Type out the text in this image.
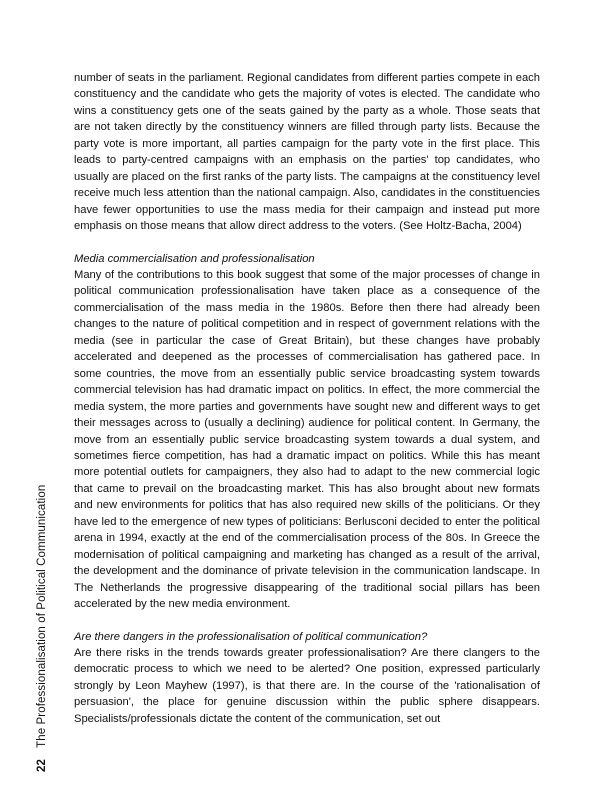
22 The Professionalisation of Political Communication

number of seats in the parliament. Regional candidates from different parties compete in each constituency and the candidate who gets the majority of votes is elected. The candidate who wins a constituency gets one of the seats gained by the party as a whole. Those seats that are not taken directly by the constituency winners are filled through party lists. Because the party vote is more important, all parties campaign for the party vote in the first place. This leads to party-centred campaigns with an emphasis on the parties' top candidates, who usually are placed on the first ranks of the party lists. The campaigns at the constituency level receive much less attention than the national campaign. Also, candidates in the constituencies have fewer opportunities to use the mass media for their campaign and instead put more emphasis on those means that allow direct address to the voters. (See Holtz-Bacha, 2004)

Media commercialisation and professionalisation

Many of the contributions to this book suggest that some of the major processes of change in political communication professionalisation have taken place as a consequence of the commercialisation of the mass media in the 1980s. Before then there had already been changes to the nature of political competition and in respect of government relations with the media (see in particular the case of Great Britain), but these changes have probably accelerated and deepened as the processes of commercialisation has gathered pace. In some countries, the move from an essentially public service broadcasting system towards commercial television has had dramatic impact on politics. In effect, the more commercial the media system, the more parties and governments have sought new and different ways to get their messages across to (usually a declining) audience for political content. In Germany, the move from an essentially public service broadcasting system towards a dual system, and sometimes fierce competition, has had a dramatic impact on politics. While this has meant more potential outlets for campaigners, they also had to adapt to the new commercial logic that came to prevail on the broadcasting market. This has also brought about new formats and new environments for politics that has also required new skills of the politicians. Or they have led to the emergence of new types of politicians: Berlusconi decided to enter the political arena in 1994, exactly at the end of the commercialisation process of the 80s. In Greece the modernisation of political campaigning and marketing has changed as a result of the arrival, the development and the dominance of private television in the communication landscape. In The Netherlands the progressive disappearing of the traditional social pillars has been accelerated by the new media environment.

Are there dangers in the professionalisation of political communication?

Are there risks in the trends towards greater professionalisation? Are there clangers to the democratic process to which we need to be alerted? One position, expressed particularly strongly by Leon Mayhew (1997), is that there are. In the course of the 'rationalisation of persuasion', the place for genuine discussion within the public sphere disappears. Specialists/professionals dictate the content of the communication, set out
